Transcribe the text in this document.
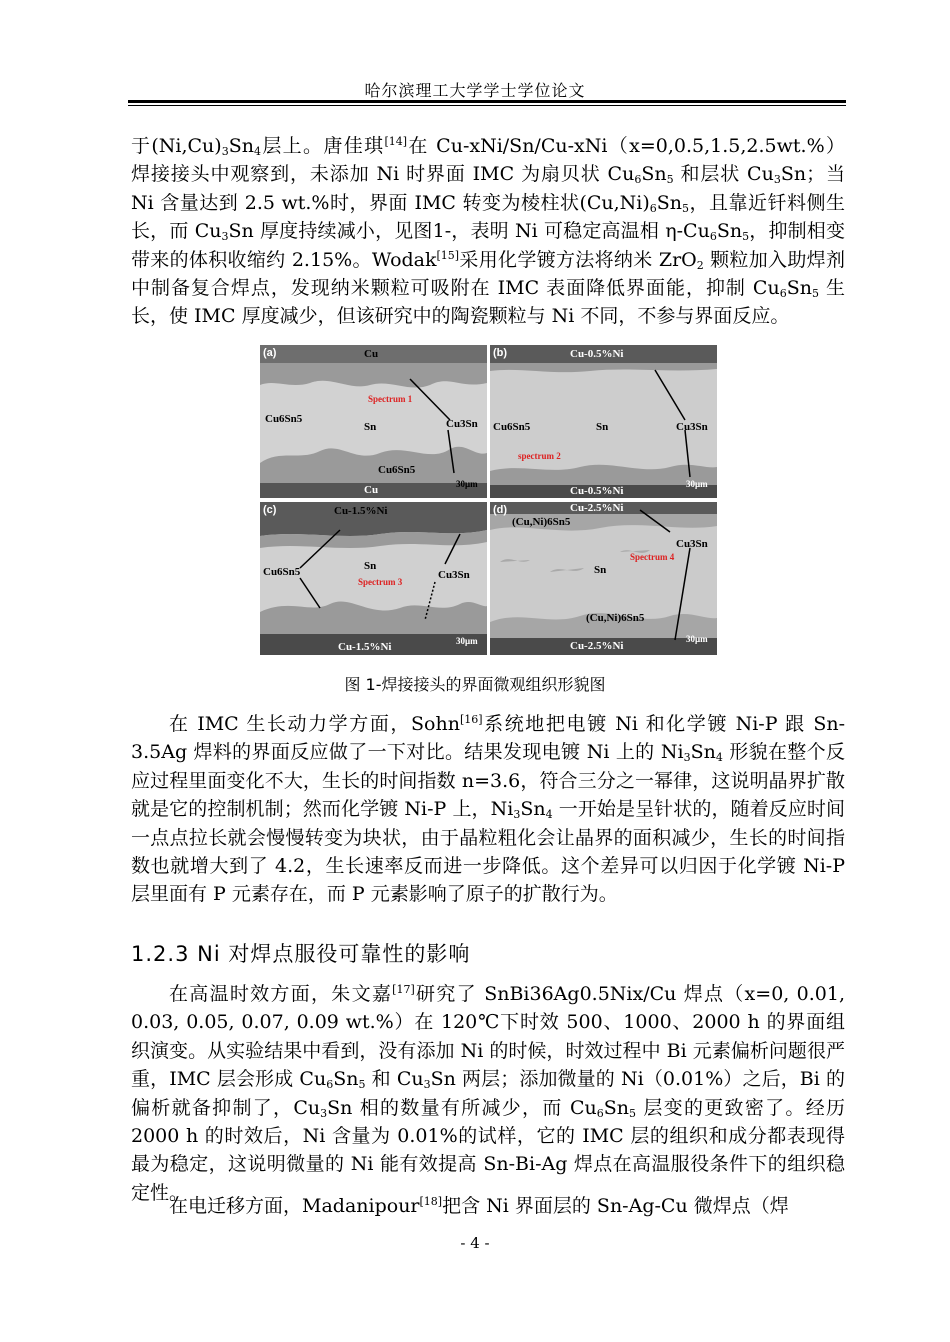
哈尔滨理工大学学士学位论文

于$(Ni,Cu)_3Sn_4$层上。唐佳琪[14]在 Cu-xNi/Sn/Cu-xNi（x=0,0.5,1.5,2.5wt.%）焊接接头中观察到，未添加 Ni 时界面 IMC 为扇贝状 $Cu_6Sn_5$ 和层状 $Cu_3Sn$；当 Ni 含量达到 2.5 wt.%时，界面 IMC 转变为棱柱状$(Cu,Ni)_6Sn_5$，且靠近钎料侧生长，而 $Cu_3Sn$ 厚度持续减小，见图1-，表明 Ni 可稳定高温相 $\eta-Cu_6Sn_5$，抑制相变带来的体积收缩约 2.15%。Wodak[15]采用化学镀方法将纳米 ZrO$_2$ 颗粒加入助焊剂中制备复合焊点，发现纳米颗粒可吸附在 IMC 表面降低界面能，抑制 $Cu_6Sn_5$ 生长，使 IMC 厚度减少，但该研究中的陶瓷颗粒与 Ni 不同，不参与界面反应。

(a)	Cu
Spectrum 1
Cu6Sn5
Sn	Cu3Sn
Cu6Sn5
Cu	30μm
(b)	Cu-0.5%Ni
Cu6Sn5	Sn	Cu3Sn
spectrum 2
Cu-0.5%Ni
30μm
(c)	Cu-1.5%Ni
Cu6Sn5	Sn
Spectrum 3
Cu3Sn
Cu-1.5%Ni	30μm
(d)	Cu-2.5%Ni
(Cu,Ni)6Sn5
Cu3Sn
Spectrum 4
Sn
(Cu,Ni)6Sn5
Cu-2.5%Ni
30μm
图 1-焊接接头的界面微观组织形貌图

在 IMC 生长动力学方面，Sohn[16]系统地把电镀 Ni 和化学镀 Ni-P 跟 Sn-3.5Ag 焊料的界面反应做了一下对比。结果发现电镀 Ni 上的 $Ni_3Sn_4$ 形貌在整个反应过程里面变化不大，生长的时间指数 n=3.6，符合三分之一幂律，这说明晶界扩散就是它的控制机制；然而化学镀 Ni-P 上，$Ni_3Sn_4$ 一开始是呈针状的，随着反应时间一点点拉长就会慢慢转变为块状，由于晶粒粗化会让晶界的面积减少，生长的时间指数也就增大到了 4.2，生长速率反而进一步降低。这个差异可以归因于化学镀 Ni-P 层里面有 P 元素存在，而 P 元素影响了原子的扩散行为。

1.2.3 Ni 对焊点服役可靠性的影响

在高温时效方面，朱文嘉[17]研究了 SnBi36Ag0.5Nix/Cu 焊点（x=0, 0.01, 0.03, 0.05, 0.07, 0.09 wt.%）在 120℃下时效 500、1000、2000 h 的界面组织演变。从实验结果中看到，没有添加 Ni 的时候，时效过程中 Bi 元素偏析问题很严重，IMC 层会形成 $Cu_6Sn_5$ 和 $Cu_3Sn$ 两层；添加微量的 Ni（0.01%）之后，Bi 的偏析就备抑制了，$Cu_3Sn$ 相的数量有所减少，而 $Cu_6Sn_5$ 层变的更致密了。经历 2000 h 的时效后，Ni 含量为 0.01%的试样，它的 IMC 层的组织和成分都表现得最为稳定，这说明微量的 Ni 能有效提高 Sn-Bi-Ag 焊点在高温服役条件下的组织稳定性。

在电迁移方面，Madanipour[18]把含 Ni 界面层的 Sn-Ag-Cu 微焊点（焊

- 4 -
